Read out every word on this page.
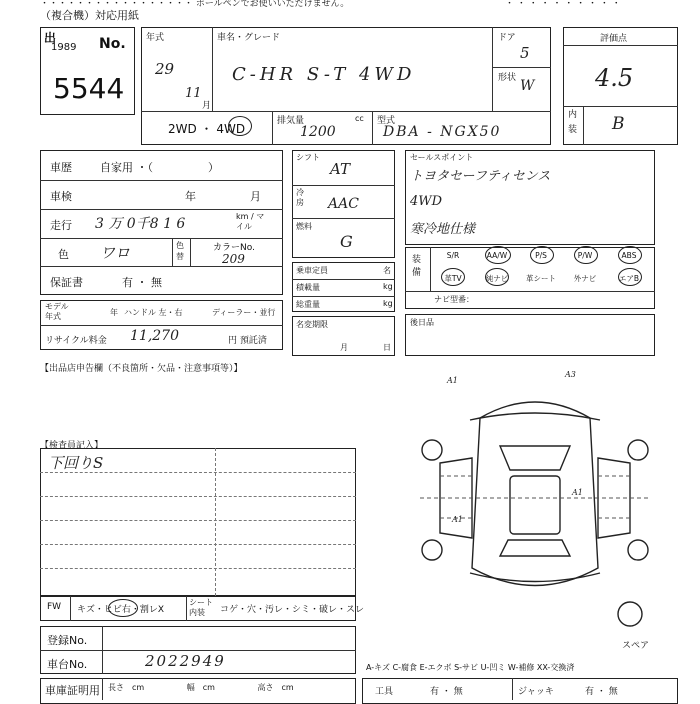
・・・・・・・・・・・・・・・・・ ボールペンでお使いいただけません。	・ ・ ・ ・ ・ ・ ・ ・ ・ ・
（複合機）対応用紙
出
1989 No.
5544
年式
29
11
月
車名・グレード
C-HR S-T 4WD
ドア
5
形状 W
2WD ・ 4WD
排気量	cc
1200
型式
DBA - NGX50
評価点
4.5
内装 B
車歴	自家用 ・（　　　　　）
車検	年	月
走行 3 万 0千8 1 6	km / マイル
色 ワロ	色替
カラーNo.
209
保証書	有 ・ 無
モデル年式	年 ハンドル 左・右	ディーラー・並行
リサイクル料金 11,270	円 預託済
シフト
AT
冷房 AAC
燃料
G
乗車定員	名
積載量	kg
総重量	kg
名変期限
月	日
セールスポイント
トヨタセーフティセンス
4WD
寒冷地仕様
装備
S/R	AA/W	P/S	P/W	ABS
革TV	純ナビ	革シート	外ナビ	エアB
ナビ型番：
後日品
【出品店申告欄（不良箇所・欠品・注意事項等）】
【検査員記入】
下回りS
FW キズ・ヒビ右・割レX
シート内装	コゲ・穴・汚レ・シミ・破レ・スレ
登録No.
車台No.	2022949
車庫証明用 長さ　cm 幅　cm 高さ　cm
A1
A3
A1
A1
スペア
A-キズ C-腐食 E-エクボ S-サビ U-凹ミ W-補修 XX-交換済
工具	有 ・ 無	ジャッキ	有 ・ 無
